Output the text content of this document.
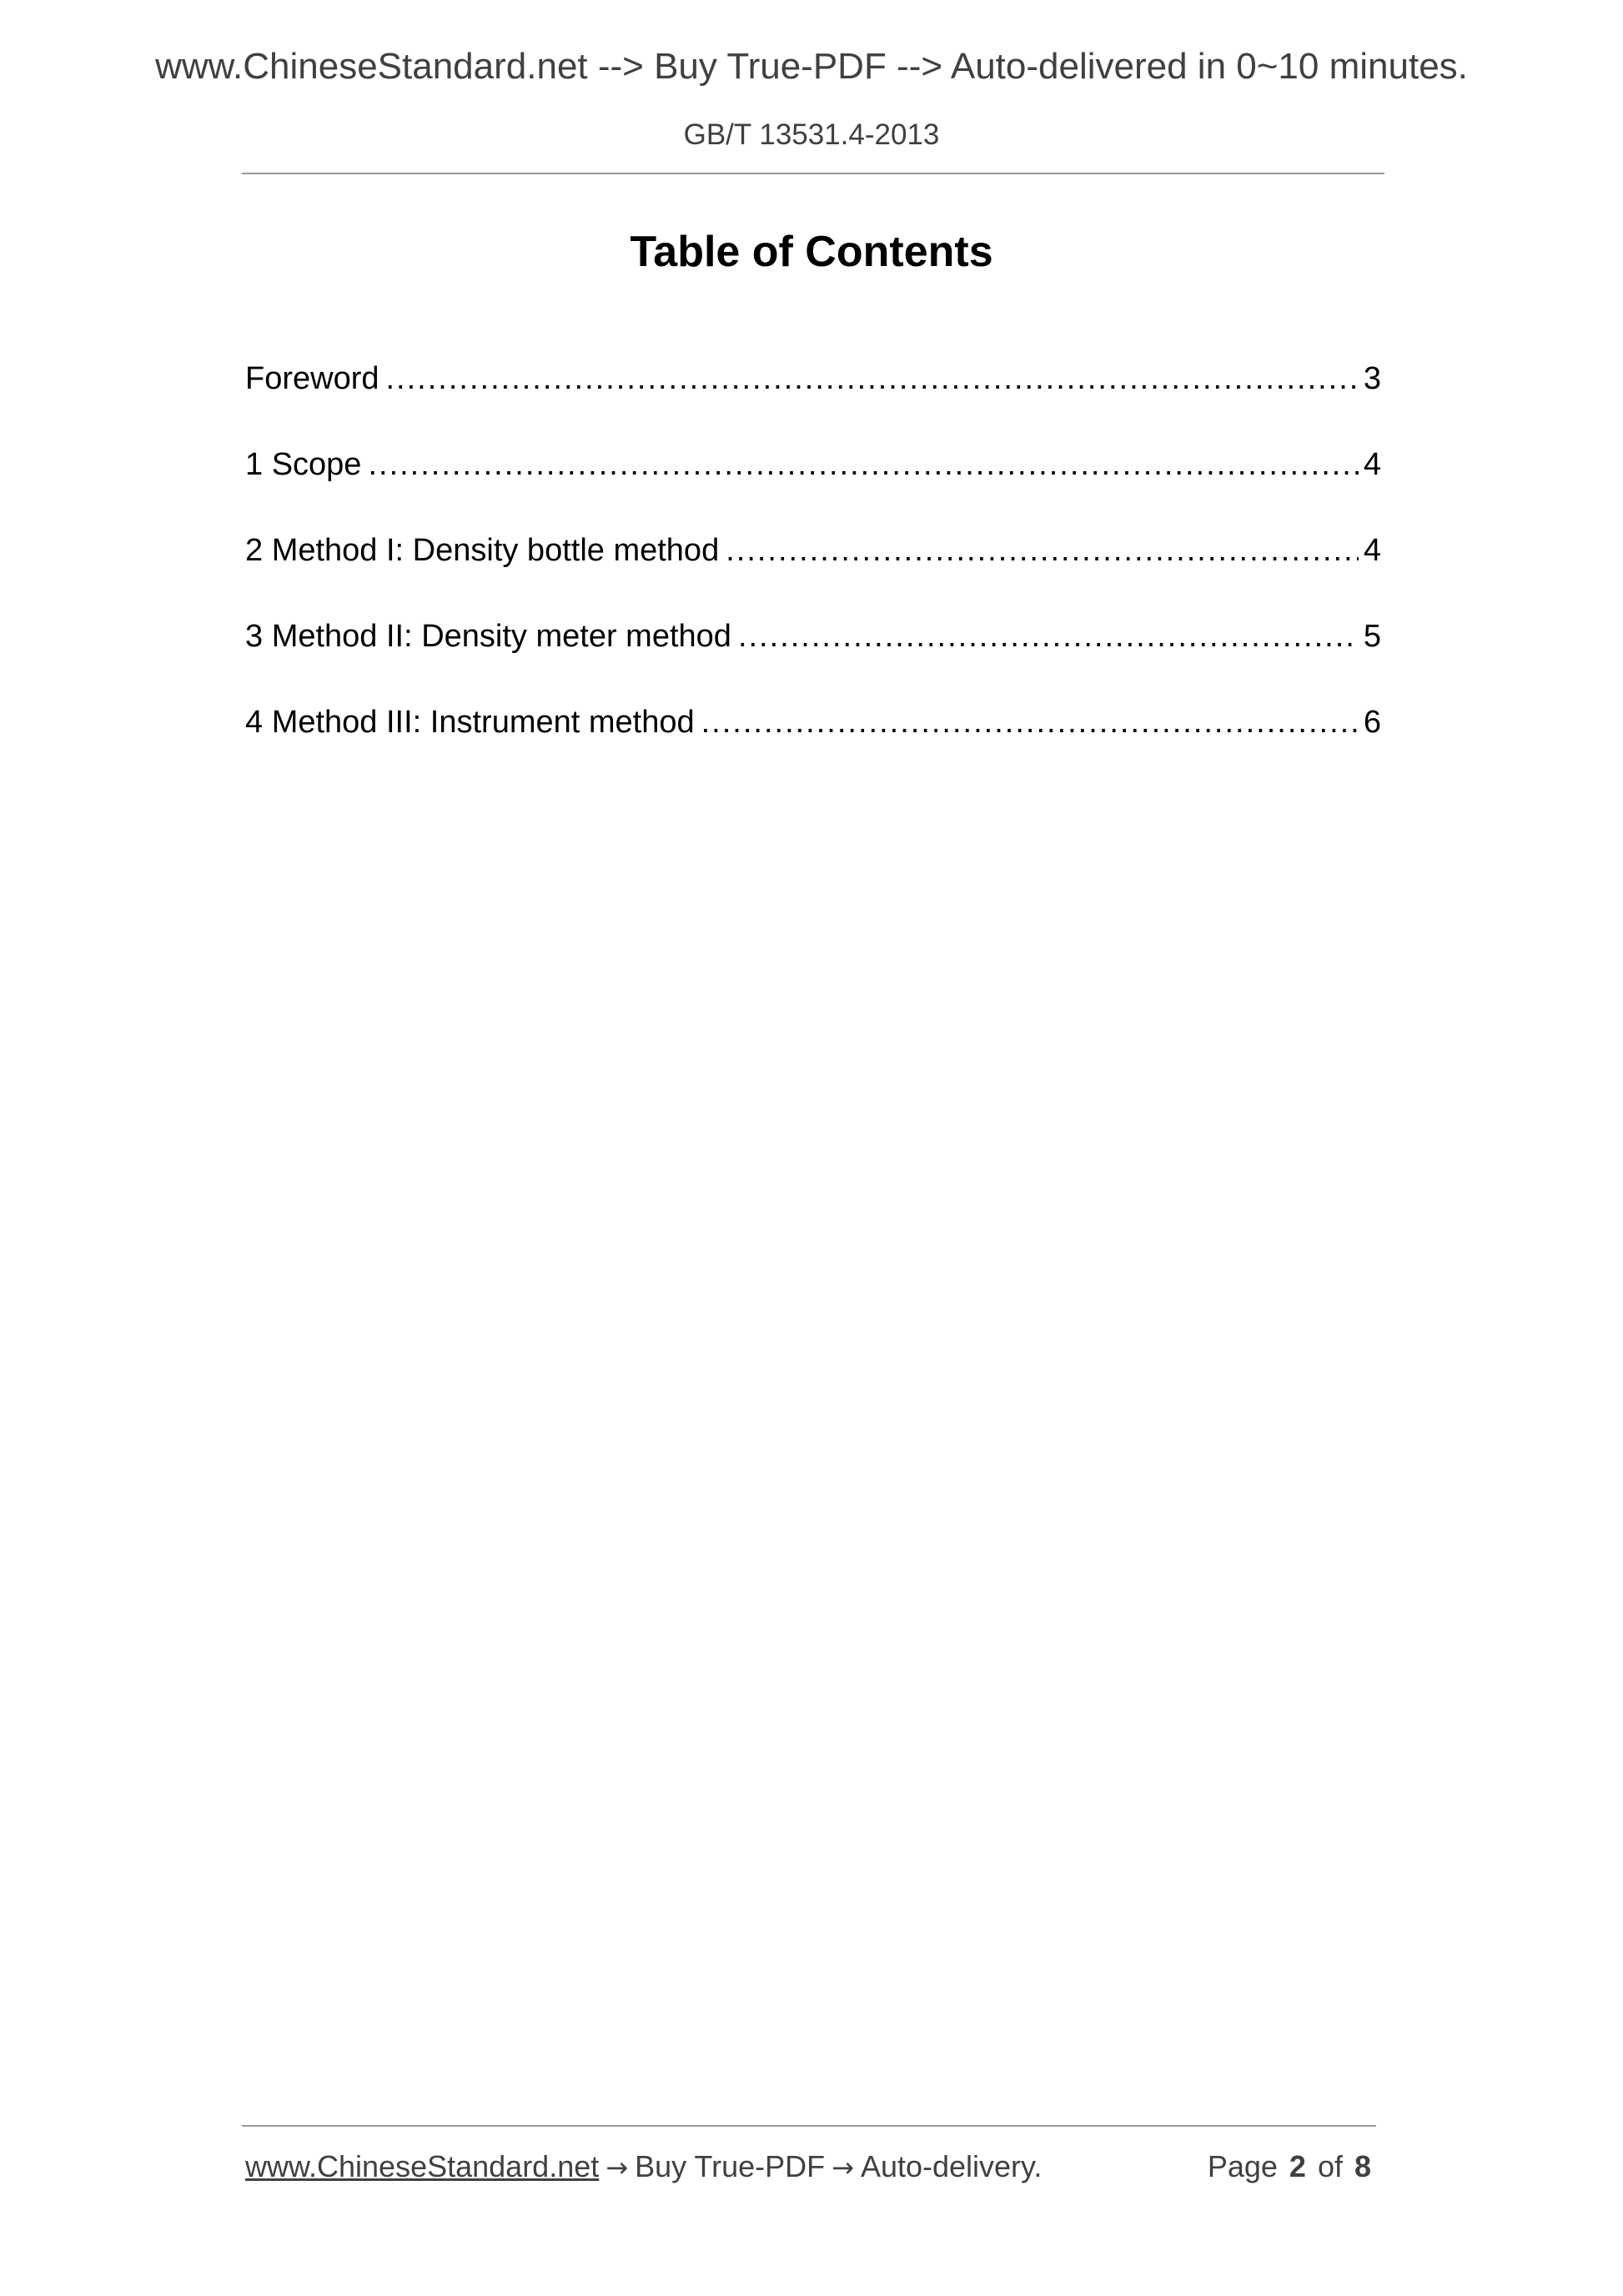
www.ChineseStandard.net --> Buy True-PDF --> Auto-delivered in 0~10 minutes.
GB/T 13531.4-2013
Table of Contents
Foreword .....	3
1 Scope .....	4
2 Method I: Density bottle method .....	4
3 Method II: Density meter method .....	5
4 Method III: Instrument method .....	6
www.ChineseStandard.net → Buy True-PDF → Auto-delivery.	Page 2 of 8
